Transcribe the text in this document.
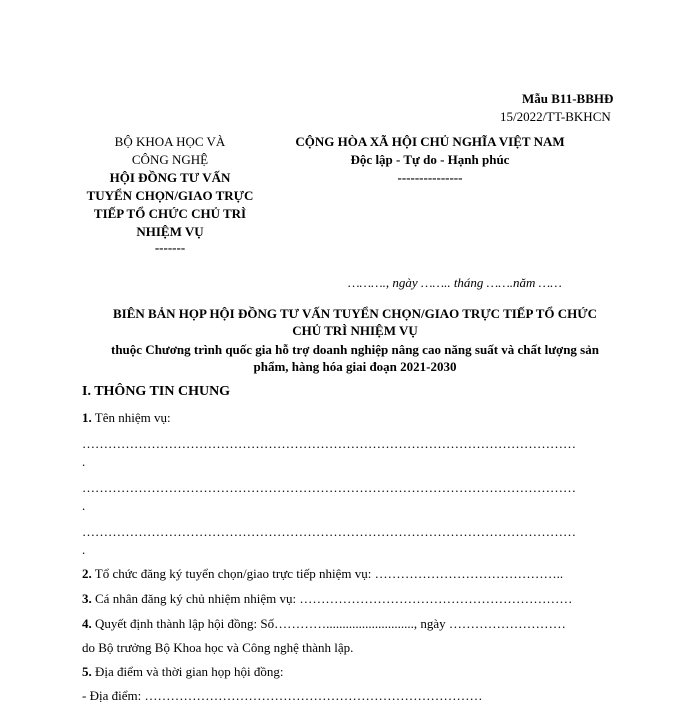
Mẫu B11-BBHĐ
15/2022/TT-BKHCN
BỘ KHOA HỌC VÀ
CÔNG NGHỆ
HỘI ĐỒNG TƯ VẤN
TUYỂN CHỌN/GIAO TRỰC
TIẾP TỔ CHỨC CHỦ TRÌ
NHIỆM VỤ
-------
CỘNG HÒA XÃ HỘI CHỦ NGHĨA VIỆT NAM
Độc lập - Tự do - Hạnh phúc
---------------
………., ngày …….. tháng …….năm ……
BIÊN BẢN HỌP HỘI ĐỒNG TƯ VẤN TUYỂN CHỌN/GIAO TRỰC TIẾP TỔ CHỨC
CHỦ TRÌ NHIỆM VỤ
thuộc Chương trình quốc gia hỗ trợ doanh nghiệp nâng cao năng suất và chất lượng sản
phẩm, hàng hóa giai đoạn 2021-2030
I. THÔNG TIN CHUNG
1. Tên nhiệm vụ:
……………………………………………………………………………………………………
.
……………………………………………………………………………………………………
.
……………………………………………………………………………………………………
.
2. Tổ chức đăng ký tuyển chọn/giao trực tiếp nhiệm vụ: ……………………………………..
3. Cá nhân đăng ký chủ nhiệm nhiệm vụ: ………………………………………………………
4. Quyết định thành lập hội đồng: Số…………..........................., ngày ………………………
do Bộ trưởng Bộ Khoa học và Công nghệ thành lập.
5. Địa điểm và thời gian họp hội đồng:
- Địa điểm: ……………………………………………………………………
